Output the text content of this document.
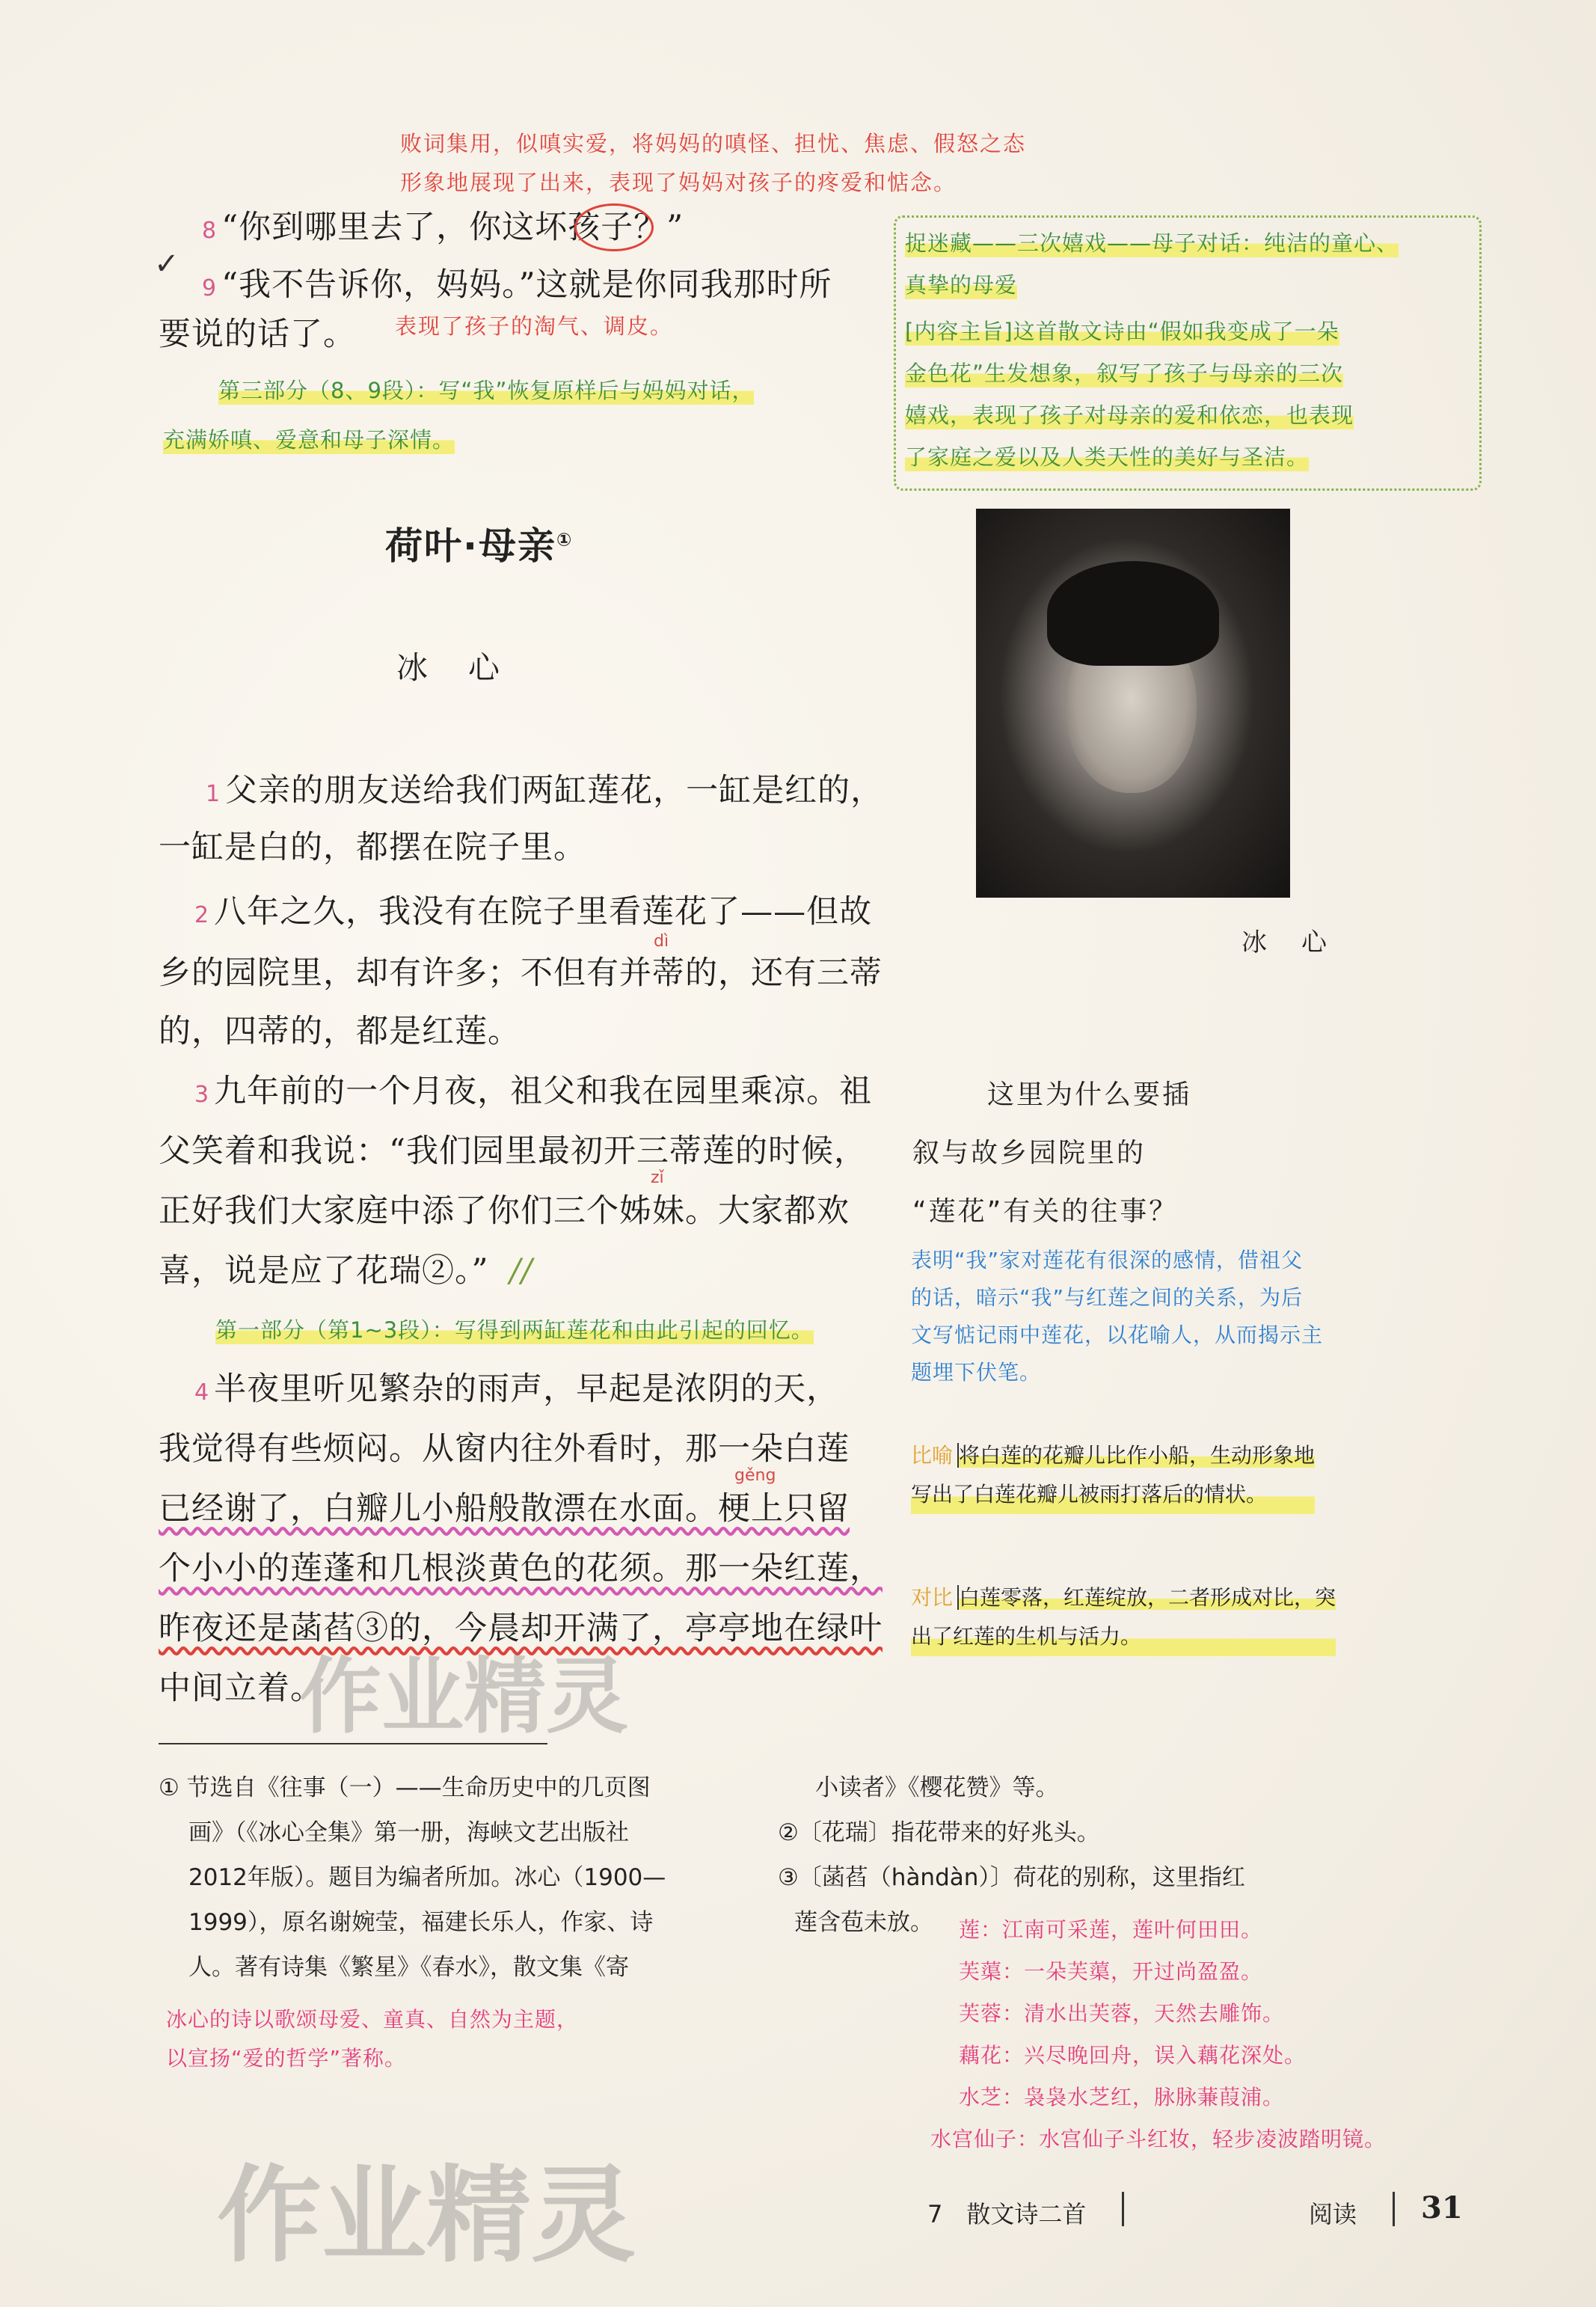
败词集用，似嗔实爱，将妈妈的嗔怪、担忧、焦虑、假怒之态
形象地展现了出来，表现了妈妈对孩子的疼爱和惦念。
8 “你到哪里去了，你这坏孩子？”
✓
9 “我不告诉你，妈妈。”这就是你同我那时所
要说的话了。 表现了孩子的淘气、调皮。
第三部分（8、9段）：写“我”恢复原样后与妈妈对话，
充满娇嗔、爱意和母子深情。
捉迷藏——三次嬉戏——母子对话：纯洁的童心、
真挚的母爱
[内容主旨]这首散文诗由“假如我变成了一朵
金色花”生发想象，叙写了孩子与母亲的三次
嬉戏，表现了孩子对母亲的爱和依恋，也表现
了家庭之爱以及人类天性的美好与圣洁。
荷叶·母亲①
冰　心
冰　心
1 父亲的朋友送给我们两缸莲花，一缸是红的，
一缸是白的，都摆在院子里。
2 八年之久，我没有在院子里看莲花了——但故
dì
乡的园院里，却有许多；不但有并蒂的，还有三蒂
的，四蒂的，都是红莲。
3 九年前的一个月夜，祖父和我在园里乘凉。祖
父笑着和我说：“我们园里最初开三蒂莲的时候，
zǐ
正好我们大家庭中添了你们三个姊妹。大家都欢
喜，说是应了花瑞②。” //
第一部分（第1~3段）：写得到两缸莲花和由此引起的回忆。
4 半夜里听见繁杂的雨声，早起是浓阴的天，
我觉得有些烦闷。从窗内往外看时，那一朵白莲
gěng
已经谢了，白瓣儿小船般散漂在水面。梗上只留
个小小的莲蓬和几根淡黄色的花须。那一朵红莲，
昨夜还是菡萏③的，今晨却开满了，亭亭地在绿叶
中间立着。
这里为什么要插
叙与故乡园院里的
“莲花”有关的往事？
表明“我”家对莲花有很深的感情，借祖父
的话，暗示“我”与红莲之间的关系，为后
文写惦记雨中莲花，以花喻人，从而揭示主
题埋下伏笔。
比喻 将白莲的花瓣儿比作小船，生动形象地
写出了白莲花瓣儿被雨打落后的情状。
对比 白莲零落，红莲绽放，二者形成对比，突
出了红莲的生机与活力。
① 节选自《往事（一）——生命历史中的几页图
画》（《冰心全集》第一册，海峡文艺出版社
2012年版）。题目为编者所加。冰心（1900—
1999），原名谢婉莹，福建长乐人，作家、诗
人。著有诗集《繁星》《春水》，散文集《寄
冰心的诗以歌颂母爱、童真、自然为主题，
以宣扬“爱的哲学”著称。
小读者》《樱花赞》等。
②〔花瑞〕指花带来的好兆头。
③〔菡萏（hàndàn）〕荷花的别称，这里指红
莲含苞未放。	莲：江南可采莲，莲叶何田田。
芙蕖：一朵芙蕖，开过尚盈盈。
芙蓉：清水出芙蓉，天然去雕饰。
藕花：兴尽晚回舟，误入藕花深处。
水芝：袅袅水芝红，脉脉蒹葭浦。
水宫仙子：水宫仙子斗红妆，轻步凌波踏明镜。
7　散文诗二首	阅读 31
作业精灵
作业精灵
